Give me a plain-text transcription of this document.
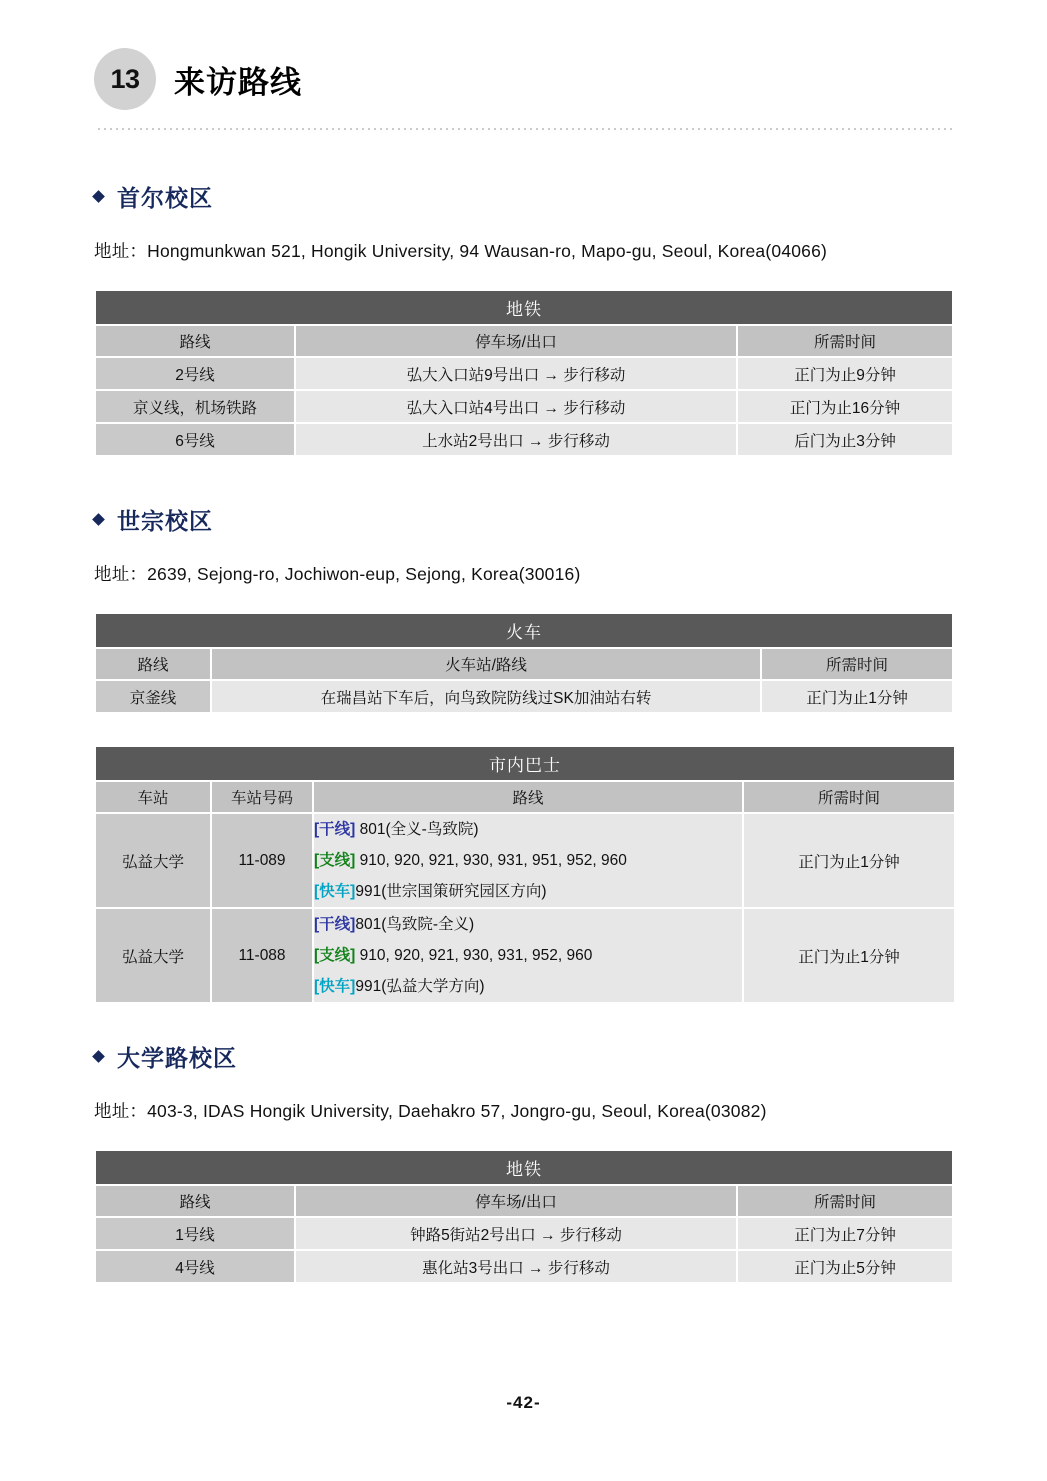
13	来访路线
首尔校区
地址：Hongmunkwan 521, Hongik University, 94 Wausan-ro, Mapo-gu, Seoul, Korea(04066)
地铁		
路线	停车场/出口	所需时间
2号线	弘大入口站9号出口 → 步行移动	正门为止9分钟
京义线，机场铁路	弘大入口站4号出口 → 步行移动	正门为止16分钟
6号线	上水站2号出口 → 步行移动	后门为止3分钟
世宗校区
地址：2639, Sejong-ro, Jochiwon-eup, Sejong, Korea(30016)
火车		
路线	火车站/路线	所需时间
京釜线	在瑞昌站下车后，向鸟致院防线过SK加油站右转	正门为止1分钟
市内巴士			
车站	车站号码	路线	所需时间
弘益大学	11-089	[干线] 801(全义-鸟致院)
[支线] 910, 920, 921, 930, 931, 951, 952, 960
[快车]991(世宗国策研究园区方向)	正门为止1分钟
弘益大学	11-088	[干线]801(鸟致院-全义)
[支线] 910, 920, 921, 930, 931, 952, 960
[快车]991(弘益大学方向)	正门为止1分钟
大学路校区
地址：403-3, IDAS Hongik University, Daehakro 57, Jongro-gu, Seoul, Korea(03082)
地铁		
路线	停车场/出口	所需时间
1号线	钟路5街站2号出口 → 步行移动	正门为止7分钟
4号线	惠化站3号出口 → 步行移动	正门为止5分钟
-42-
